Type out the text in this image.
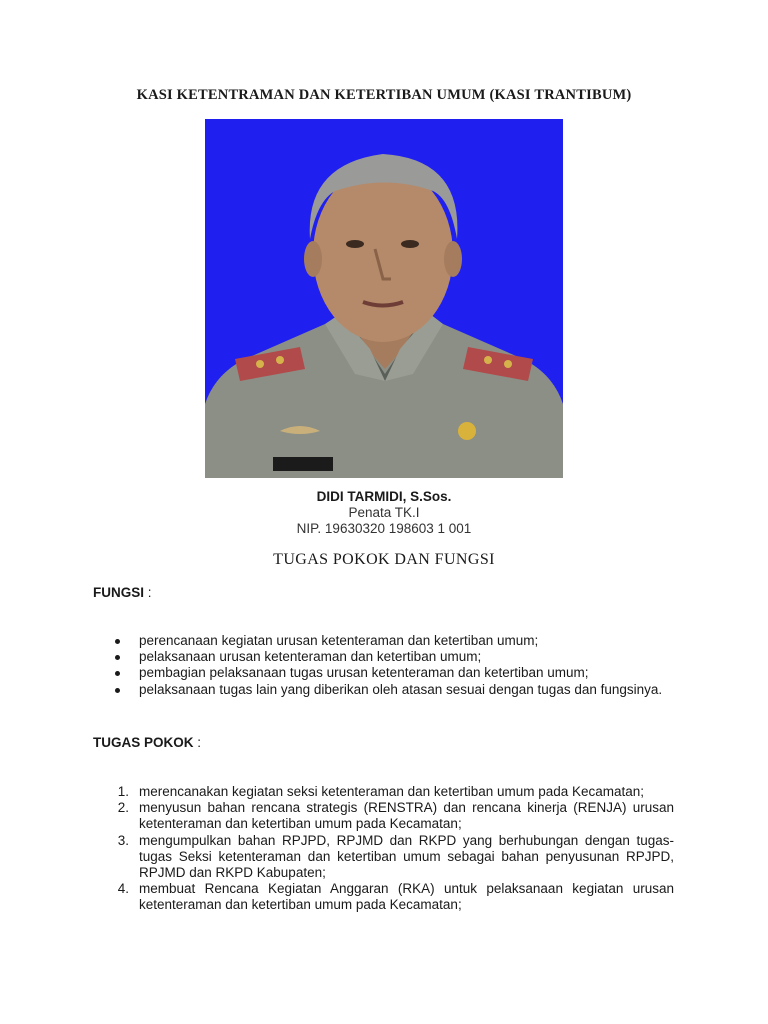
KASI KETENTRAMAN DAN KETERTIBAN UMUM (KASI TRANTIBUM)
DIDI TARMIDI, S.Sos.
Penata TK.I
NIP. 19630320 198603 1 001
TUGAS POKOK DAN FUNGSI
FUNGSI :
perencanaan kegiatan urusan ketenteraman dan ketertiban umum;
pelaksanaan urusan ketenteraman dan ketertiban umum;
pembagian pelaksanaan tugas urusan ketenteraman dan ketertiban umum;
pelaksanaan tugas lain yang diberikan oleh atasan sesuai dengan tugas dan fungsinya.
TUGAS POKOK :
1. merencanakan kegiatan seksi ketenteraman dan ketertiban umum pada Kecamatan;
2. menyusun bahan rencana strategis (RENSTRA) dan rencana kinerja (RENJA) urusan ketenteraman dan ketertiban umum pada Kecamatan;
3. mengumpulkan bahan RPJPD, RPJMD dan RKPD yang berhubungan dengan tugas-tugas Seksi ketenteraman dan ketertiban umum sebagai bahan penyusunan RPJPD, RPJMD dan RKPD Kabupaten;
4. membuat Rencana Kegiatan Anggaran (RKA) untuk pelaksanaan kegiatan urusan ketenteraman dan ketertiban umum pada Kecamatan;
